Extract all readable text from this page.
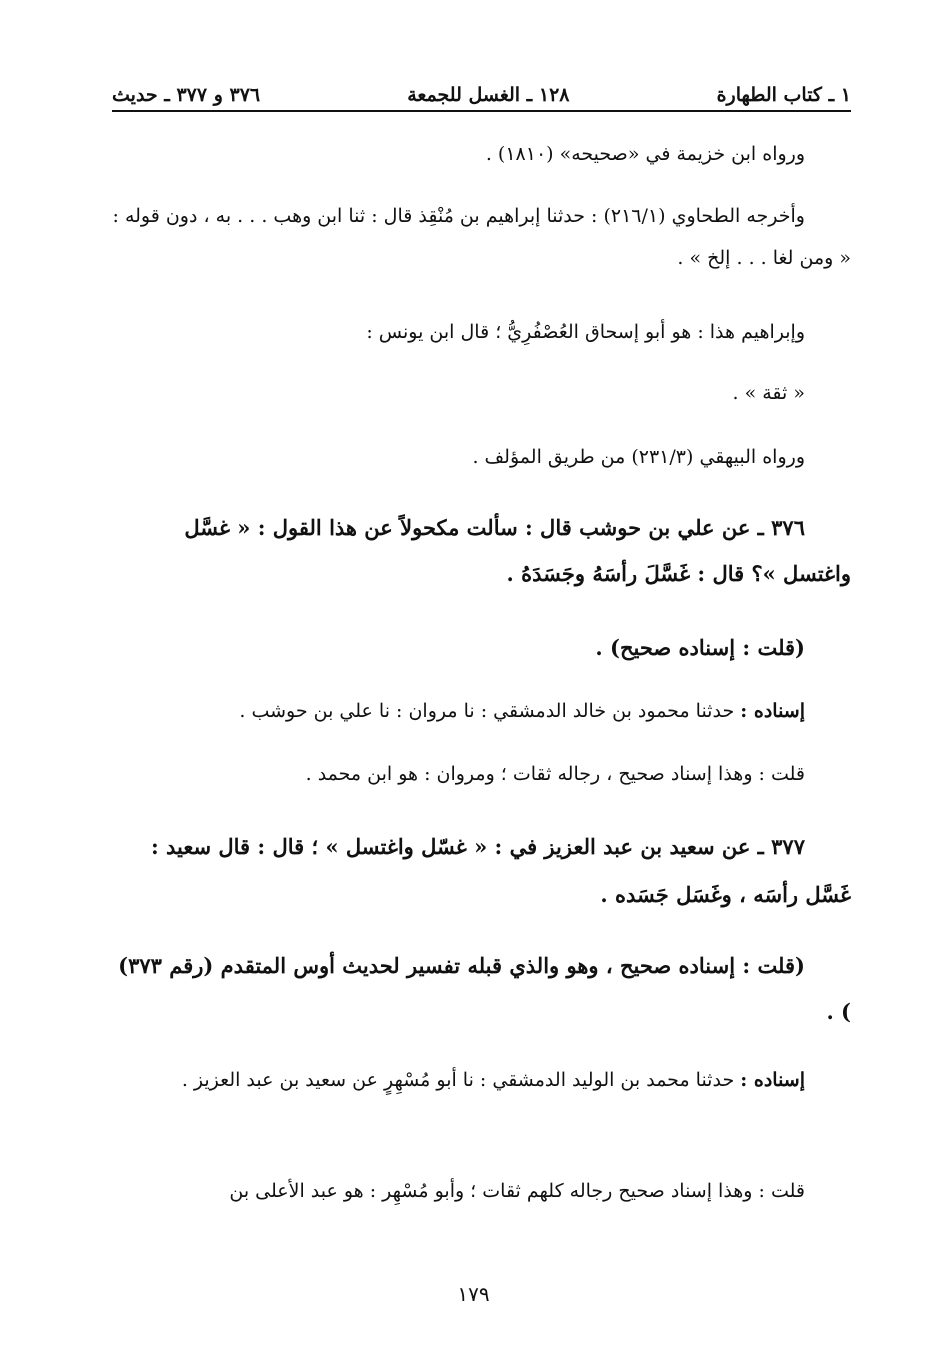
١ ـ كتاب الطهارة
١٢٨ ـ الغسل للجمعة
٣٧٦ و ٣٧٧ ـ حديث
ورواه ابن خزيمة في «صحيحه» (١٨١٠) .
وأخرجه الطحاوي (٢١٦/١) : حدثنا إبراهيم بن مُنْقِذ قال : ثنا ابن وهب . . . به ، دون قوله : « ومن لغا . . . إلخ » .
وإبراهيم هذا : هو أبو إسحاق العُصْفُرِيُّ ؛ قال ابن يونس :
« ثقة » .
ورواه البيهقي (٢٣١/٣) من طريق المؤلف .
٣٧٦ ـ عن علي بن حوشب قال : سألت مكحولاً عن هذا القول : « غسَّل واغتسل »؟ قال : غَسَّلَ رأسَهُ وجَسَدَهُ .
(قلت : إسناده صحيح) .
إسناده : حدثنا محمود بن خالد الدمشقي : نا مروان : نا علي بن حوشب .
قلت : وهذا إسناد صحيح ، رجاله ثقات ؛ ومروان : هو ابن محمد .
٣٧٧ ـ عن سعيد بن عبد العزيز في : « غسّل واغتسل » ؛ قال : قال سعيد : غَسَّل رأسَه ، وغَسَل جَسَده .
(قلت : إسناده صحيح ، وهو والذي قبله تفسير لحديث أوس المتقدم (رقم ٣٧٣) ) .
إسناده : حدثنا محمد بن الوليد الدمشقي : نا أبو مُسْهِرٍ عن سعيد بن عبد العزيز .
قلت : وهذا إسناد صحيح رجاله كلهم ثقات ؛ وأبو مُسْهِر : هو عبد الأعلى بن
١٧٩
